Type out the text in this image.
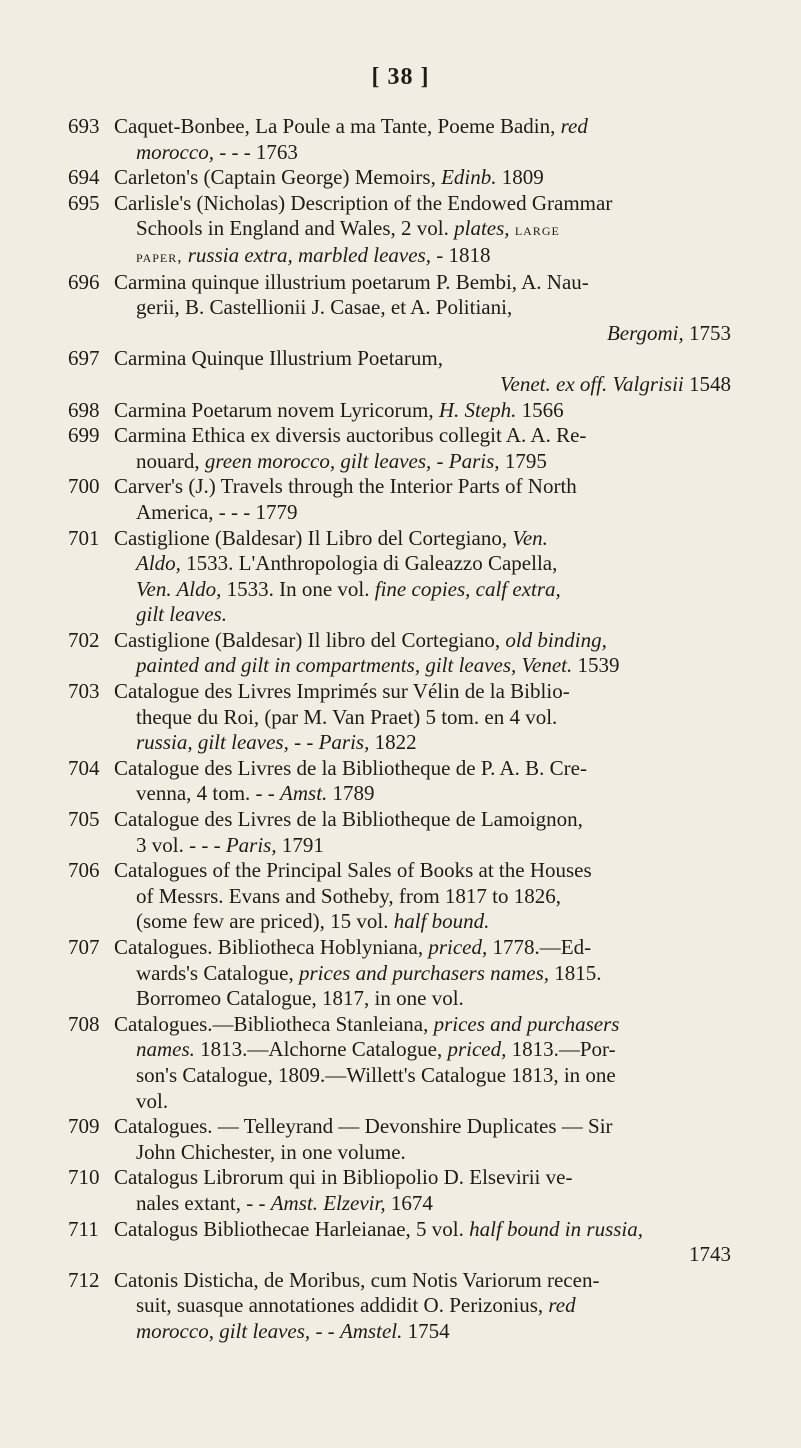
[ 38 ]
693 Caquet-Bonbee, La Poule a ma Tante, Poeme Badin, red
morocco, - - - 1763
694 Carleton's (Captain George) Memoirs, Edinb. 1809
695 Carlisle's (Nicholas) Description of the Endowed Grammar
Schools in England and Wales, 2 vol. plates, large
paper, russia extra, marbled leaves, - 1818
696 Carmina quinque illustrium poetarum P. Bembi, A. Nau-
gerii, B. Castellionii J. Casae, et A. Politiani,
Bergomi, 1753
697 Carmina Quinque Illustrium Poetarum,
Venet. ex off. Valgrisii 1548
698 Carmina Poetarum novem Lyricorum, H. Steph. 1566
699 Carmina Ethica ex diversis auctoribus collegit A. A. Re-
nouard, green morocco, gilt leaves, - Paris, 1795
700 Carver's (J.) Travels through the Interior Parts of North
America, - - - 1779
701 Castiglione (Baldesar) Il Libro del Cortegiano, Ven.
Aldo, 1533. L'Anthropologia di Galeazzo Capella,
Ven. Aldo, 1533. In one vol. fine copies, calf extra,
gilt leaves.
702 Castiglione (Baldesar) Il libro del Cortegiano, old binding,
painted and gilt in compartments, gilt leaves, Venet. 1539
703 Catalogue des Livres Imprimés sur Vélin de la Biblio-
theque du Roi, (par M. Van Praet) 5 tom. en 4 vol.
russia, gilt leaves, - - Paris, 1822
704 Catalogue des Livres de la Bibliotheque de P. A. B. Cre-
venna, 4 tom. - - Amst. 1789
705 Catalogue des Livres de la Bibliotheque de Lamoignon,
3 vol. - - - Paris, 1791
706 Catalogues of the Principal Sales of Books at the Houses
of Messrs. Evans and Sotheby, from 1817 to 1826,
(some few are priced), 15 vol. half bound.
707 Catalogues. Bibliotheca Hoblyniana, priced, 1778.—Ed-
wards's Catalogue, prices and purchasers names, 1815.
Borromeo Catalogue, 1817, in one vol.
708 Catalogues.—Bibliotheca Stanleiana, prices and purchasers
names. 1813.—Alchorne Catalogue, priced, 1813.—Por-
son's Catalogue, 1809.—Willett's Catalogue 1813, in one
vol.
709 Catalogues. — Telleyrand — Devonshire Duplicates — Sir
John Chichester, in one volume.
710 Catalogus Librorum qui in Bibliopolio D. Elsevirii ve-
nales extant, - - Amst. Elzevir, 1674
711 Catalogus Bibliothecae Harleianae, 5 vol. half bound in russia,
1743
712 Catonis Disticha, de Moribus, cum Notis Variorum recen-
suit, suasque annotationes addidit O. Perizonius, red
morocco, gilt leaves, - - Amstel. 1754
